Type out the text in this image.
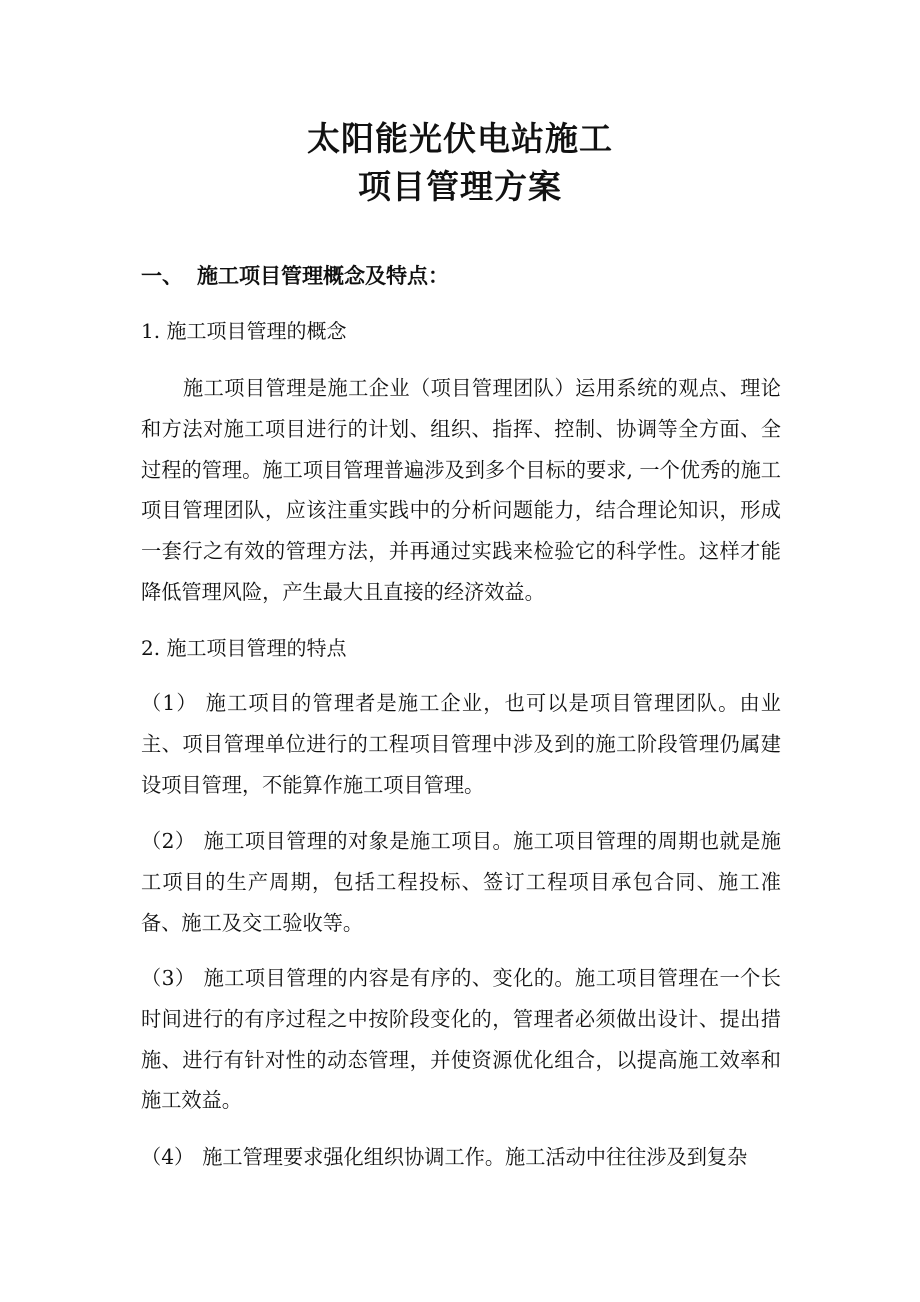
太阳能光伏电站施工
项目管理方案
一、 施工项目管理概念及特点：
1. 施工项目管理的概念
施工项目管理是施工企业（项目管理团队）运用系统的观点、理论和方法对施工项目进行的计划、组织、指挥、控制、协调等全方面、全过程的管理。施工项目管理普遍涉及到多个目标的要求, 一个优秀的施工项目管理团队，应该注重实践中的分析问题能力，结合理论知识，形成一套行之有效的管理方法，并再通过实践来检验它的科学性。这样才能降低管理风险，产生最大且直接的经济效益。
2. 施工项目管理的特点
（1） 施工项目的管理者是施工企业，也可以是项目管理团队。由业主、项目管理单位进行的工程项目管理中涉及到的施工阶段管理仍属建设项目管理，不能算作施工项目管理。
（2） 施工项目管理的对象是施工项目。施工项目管理的周期也就是施工项目的生产周期，包括工程投标、签订工程项目承包合同、施工准备、施工及交工验收等。
（3） 施工项目管理的内容是有序的、变化的。施工项目管理在一个长时间进行的有序过程之中按阶段变化的，管理者必须做出设计、提出措施、进行有针对性的动态管理，并使资源优化组合，以提高施工效率和施工效益。
（4） 施工管理要求强化组织协调工作。施工活动中往往涉及到复杂
